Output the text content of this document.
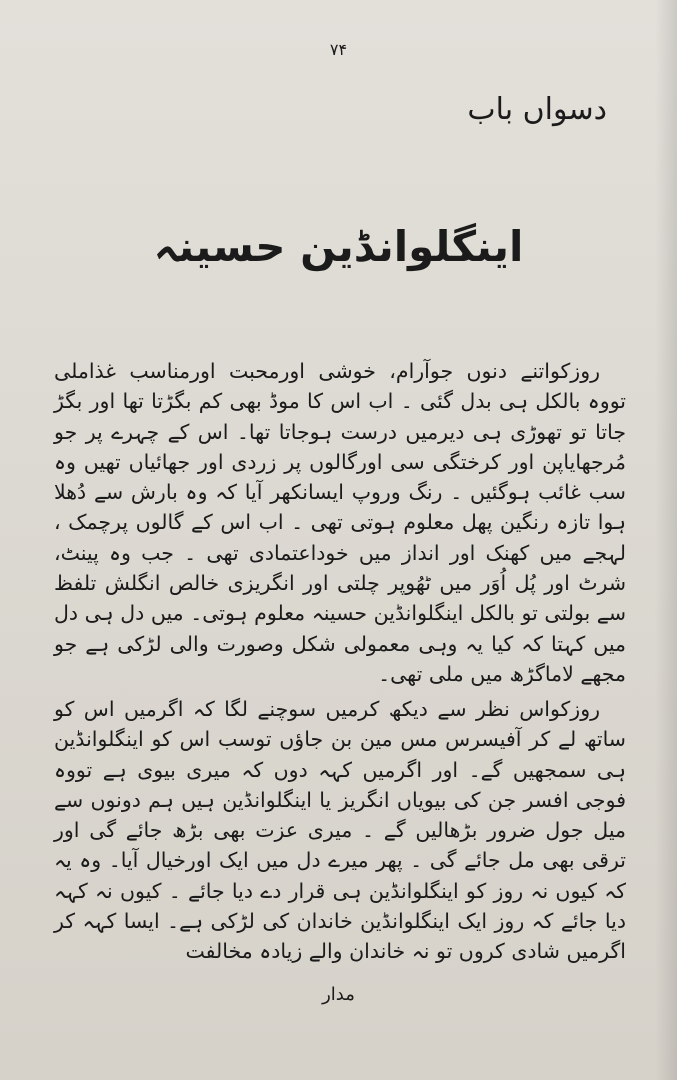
۷۴
دسواں باب
اینگلوانڈین حسینہ

روزکواتنے دنوں جوآرام، خوشی اورمحبت اورمناسب غذاملی تووہ بالکل ہی بدل گئی ۔ اب اس کا موڈ بھی کم بگڑتا تھا اور بگڑ جاتا تو تھوڑی ہی دیرمیں درست ہوجاتا تھا۔ اس کے چہرے پر جو مُرجھایاپن اور کرختگی سی اورگالوں پر زردی اور جھائیاں تھیں وہ سب غائب ہوگئیں ۔ رنگ وروپ ایسانکھر آیا کہ وہ بارش سے دُھلا ہوا تازہ رنگین پھل معلوم ہوتی تھی ۔ اب اس کے گالوں پرچمک ، لہجے میں کھنک اور انداز میں خوداعتمادی تھی ۔ جب وہ پینٹ، شرٹ اور پُل اُوَر میں ٹھُوپر چلتی اور انگریزی خالص انگلش تلفظ سے بولتی تو بالکل اینگلوانڈین حسینہ معلوم ہوتی۔ میں دل ہی دل میں کہتا کہ کیا یہ وہی معمولی شکل وصورت والی لڑکی ہے جو مجھے لاماگڑھ میں ملی تھی۔

روزکواس نظر سے دیکھ کرمیں سوچنے لگا کہ اگرمیں اس کو ساتھ لے کر آفیسرس مس مین بن جاؤں توسب اس کو اینگلوانڈین ہی سمجھیں گے۔ اور اگرمیں کہہ دوں کہ میری بیوی ہے تووہ فوجی افسر جن کی بیویاں انگریز یا اینگلوانڈین ہیں ہم دونوں سے میل جول ضرور بڑھالیں گے ۔ میری عزت بھی بڑھ جائے گی اور ترقی بھی مل جائے گی ۔ پھر میرے دل میں ایک اورخیال آیا۔ وہ یہ کہ کیوں نہ روز کو اینگلوانڈین ہی قرار دے دیا جائے ۔ کیوں نہ کہہ دیا جائے کہ روز ایک اینگلوانڈین خاندان کی لڑکی ہے۔ ایسا کہہ کر اگرمیں شادی کروں تو نہ خاندان والے زیادہ مخالفت

مدار
